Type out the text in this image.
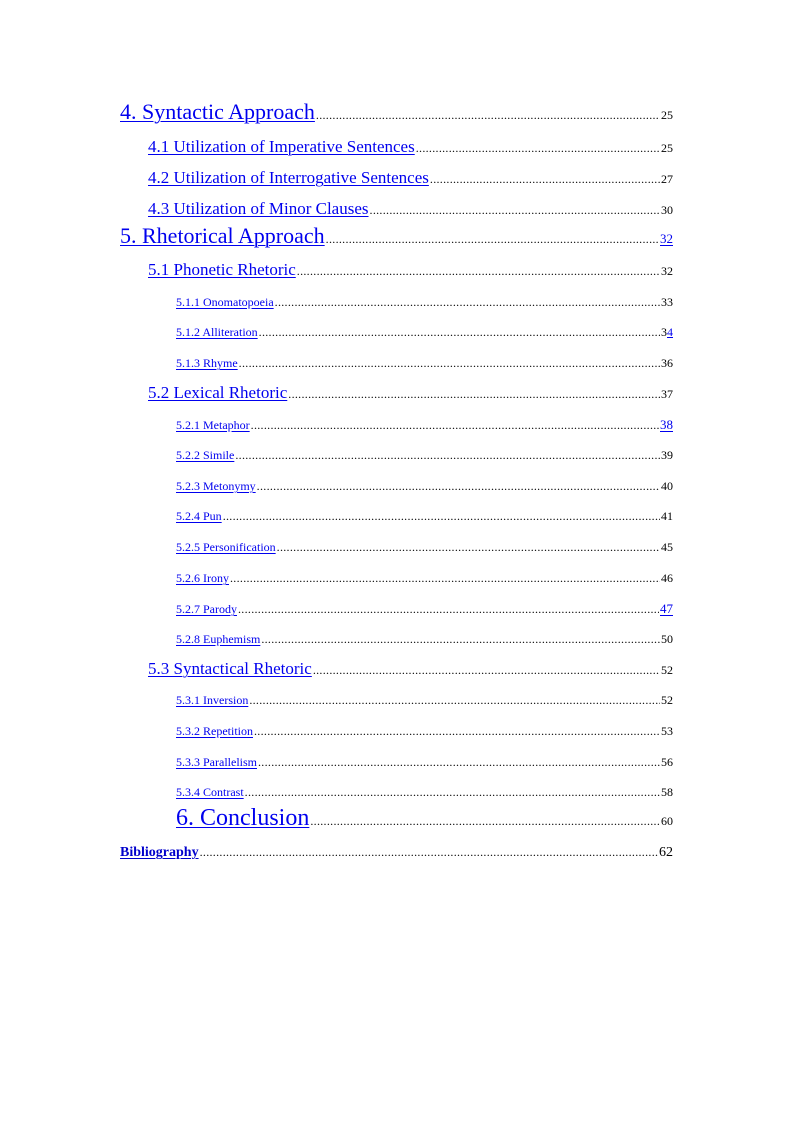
4. Syntactic Approach .....	25
4.1 Utilization of Imperative Sentences .....	25
4.2 Utilization of Interrogative Sentences .....	27
4.3 Utilization of Minor Clauses .....	30
5. Rhetorical Approach .....	32
5.1 Phonetic Rhetoric .....	32
5.1.1 Onomatopoeia .....	33
5.1.2 Alliteration .....	34
5.1.3 Rhyme .....	36
5.2 Lexical Rhetoric .....	37
5.2.1 Metaphor .....	38
5.2.2 Simile .....	39
5.2.3 Metonymy .....	40
5.2.4 Pun .....	41
5.2.5 Personification .....	45
5.2.6 Irony .....	46
5.2.7 Parody .....	47
5.2.8 Euphemism .....	50
5.3 Syntactical Rhetoric .....	52
5.3.1 Inversion .....	52
5.3.2 Repetition .....	53
5.3.3 Parallelism .....	56
5.3.4 Contrast .....	58
6. Conclusion .....	60
Bibliography .....	62
